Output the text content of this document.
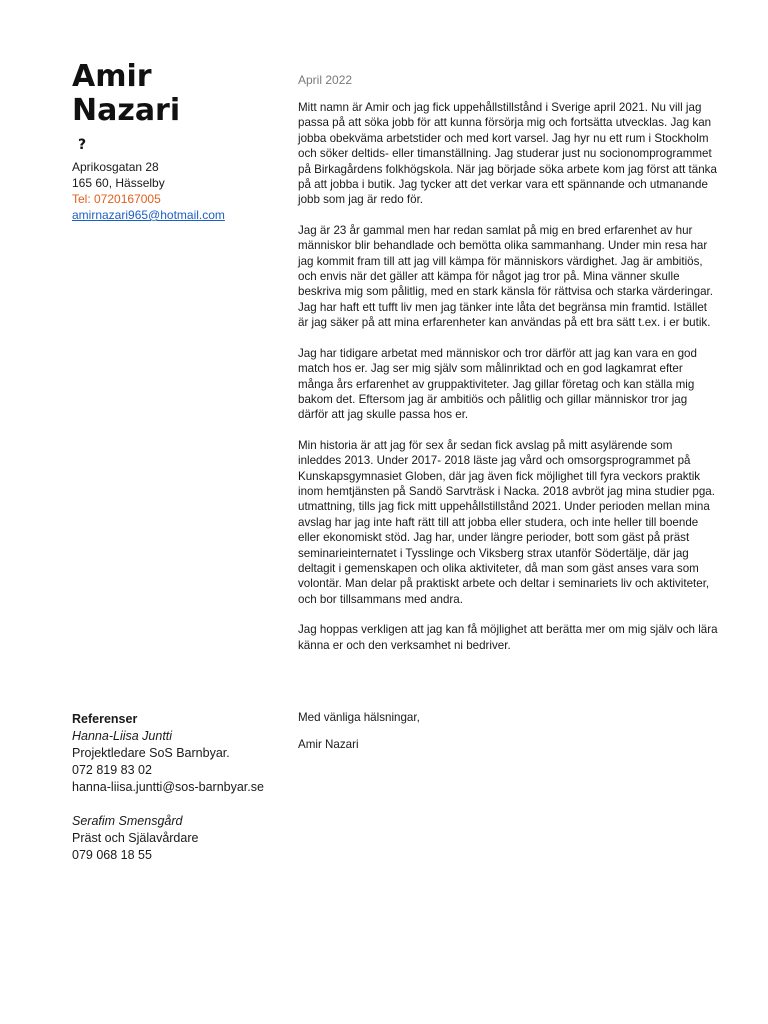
Amir
Nazari
?
Aprikosgatan 28
165 60, Hässelby
Tel: 0720167005
amirnazari965@hotmail.com
Referenser
Hanna-Liisa Juntti
Projektledare SoS Barnbyar.
072 819 83 02
hanna-liisa.juntti@sos-barnbyar.se
Serafim Smensgård
Präst och Själavårdare
079 068 18 55
April 2022

Mitt namn är Amir och jag fick uppehållstillstånd i Sverige april 2021. Nu vill jag passa på att söka jobb för att kunna försörja mig och fortsätta utvecklas. Jag kan jobba obekväma arbetstider och med kort varsel. Jag hyr nu ett rum i Stockholm och söker deltids- eller timanställning. Jag studerar just nu socionomprogrammet på Birkagårdens folkhögskola. När jag började söka arbete kom jag först att tänka på att jobba i butik. Jag tycker att det verkar vara ett spännande och utmanande jobb som jag är redo för.

Jag är 23 år gammal men har redan samlat på mig en bred erfarenhet av hur människor blir behandlade och bemötta olika sammanhang. Under min resa har jag kommit fram till att jag vill kämpa för människors värdighet. Jag är ambitiös, och envis när det gäller att kämpa för något jag tror på. Mina vänner skulle beskriva mig som pålitlig, med en stark känsla för rättvisa och starka värderingar. Jag har haft ett tufft liv men jag tänker inte låta det begränsa min framtid. Istället är jag säker på att mina erfarenheter kan användas på ett bra sätt t.ex. i er butik.

Jag har tidigare arbetat med människor och tror därför att jag kan vara en god match hos er. Jag ser mig själv som målinriktad och en god lagkamrat efter många års erfarenhet av gruppaktiviteter. Jag gillar företag och kan ställa mig bakom det. Eftersom jag är ambitiös och pålitlig och gillar människor tror jag därför att jag skulle passa hos er.

Min historia är att jag för sex år sedan fick avslag på mitt asylärende som inleddes 2013. Under 2017- 2018 läste jag vård och omsorgsprogrammet på Kunskapsgymnasiet Globen, där jag även fick möjlighet till fyra veckors praktik inom hemtjänsten på Sandö Sarvträsk i Nacka. 2018 avbröt jag mina studier pga. utmattning, tills jag fick mitt uppehållstillstånd 2021. Under perioden mellan mina avslag har jag inte haft rätt till att jobba eller studera, och inte heller till boende eller ekonomiskt stöd. Jag har, under längre perioder, bott som gäst på präst seminarieinternatet i Tysslinge och Viksberg strax utanför Södertälje, där jag deltagit i gemenskapen och olika aktiviteter, då man som gäst anses vara som volontär. Man delar på praktiskt arbete och deltar i seminariets liv och aktiviteter, och bor tillsammans med andra.

Jag hoppas verkligen att jag kan få möjlighet att berätta mer om mig själv och lära känna er och den verksamhet ni bedriver.

Med vänliga hälsningar,
Amir Nazari
